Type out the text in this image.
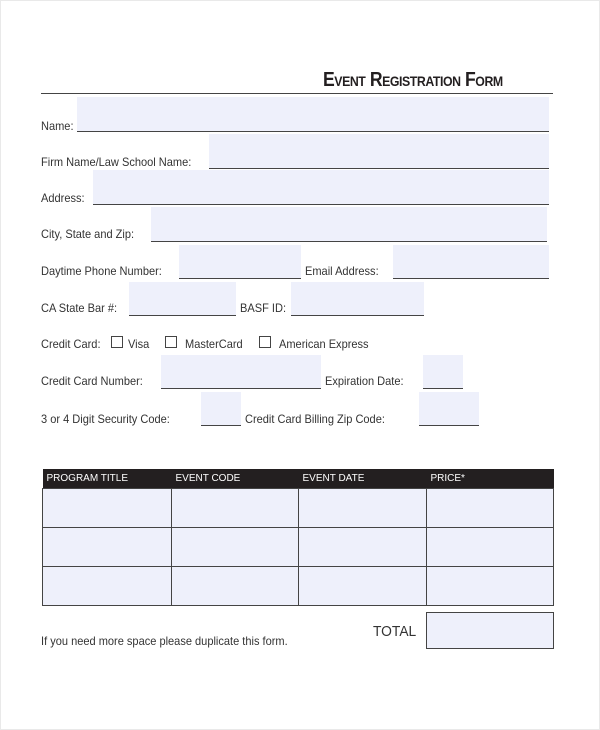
Event Registration Form
Name:
Firm Name/Law School Name:
Address:
City, State and Zip:
Daytime Phone Number:	Email Address:
CA State Bar #:	BASF ID:
Credit Card: Visa	MasterCard	American Express
Credit Card Number:	Expiration Date:
3 or 4 Digit Security Code:	Credit Card Billing Zip Code:
PROGRAM TITLE	EVENT CODE	EVENT DATE	PRICE*

TOTAL
If you need more space please duplicate this form.
